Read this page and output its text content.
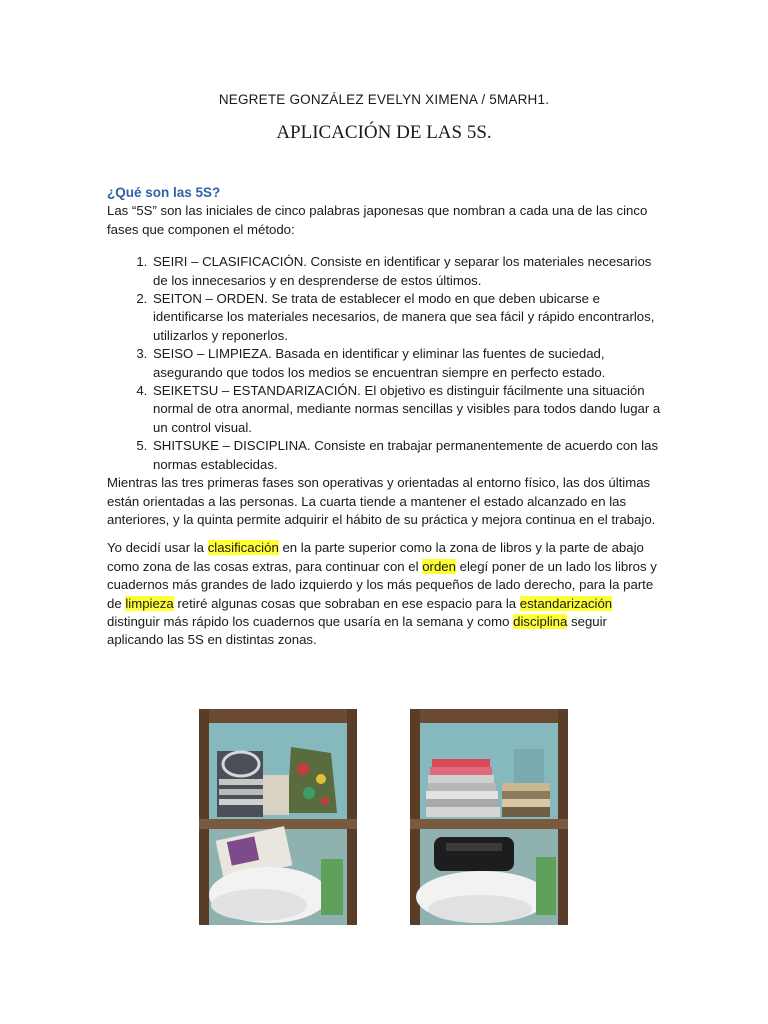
NEGRETE GONZÁLEZ EVELYN XIMENA / 5MARH1.
APLICACIÓN DE LAS 5S.

¿Qué son las 5S?

Las “5S” son las iniciales de cinco palabras japonesas que nombran a cada una de las cinco fases que componen el método:

1. SEIRI – CLASIFICACIÓN. Consiste en identificar y separar los materiales necesarios de los innecesarios y en desprenderse de estos últimos.
2. SEITON – ORDEN. Se trata de establecer el modo en que deben ubicarse e identificarse los materiales necesarios, de manera que sea fácil y rápido encontrarlos, utilizarlos y reponerlos.
3. SEISO – LIMPIEZA. Basada en identificar y eliminar las fuentes de suciedad, asegurando que todos los medios se encuentran siempre en perfecto estado.
4. SEIKETSU – ESTANDARIZACIÓN. El objetivo es distinguir fácilmente una situación normal de otra anormal, mediante normas sencillas y visibles para todos dando lugar a un control visual.
5. SHITSUKE – DISCIPLINA. Consiste en trabajar permanentemente de acuerdo con las normas establecidas.

Mientras las tres primeras fases son operativas y orientadas al entorno físico, las dos últimas están orientadas a las personas. La cuarta tiende a mantener el estado alcanzado en las anteriores, y la quinta permite adquirir el hábito de su práctica y mejora continua en el trabajo.

Yo decidí usar la clasificación en la parte superior como la zona de libros y la parte de abajo como zona de las cosas extras, para continuar con el orden elegí poner de un lado los libros y cuadernos más grandes de lado izquierdo y los más pequeños de lado derecho, para la parte de limpieza retiré algunas cosas que sobraban en ese espacio para la estandarización distinguir más rápido los cuadernos que usaría en la semana y como disciplina seguir aplicando las 5S en distintas zonas.
